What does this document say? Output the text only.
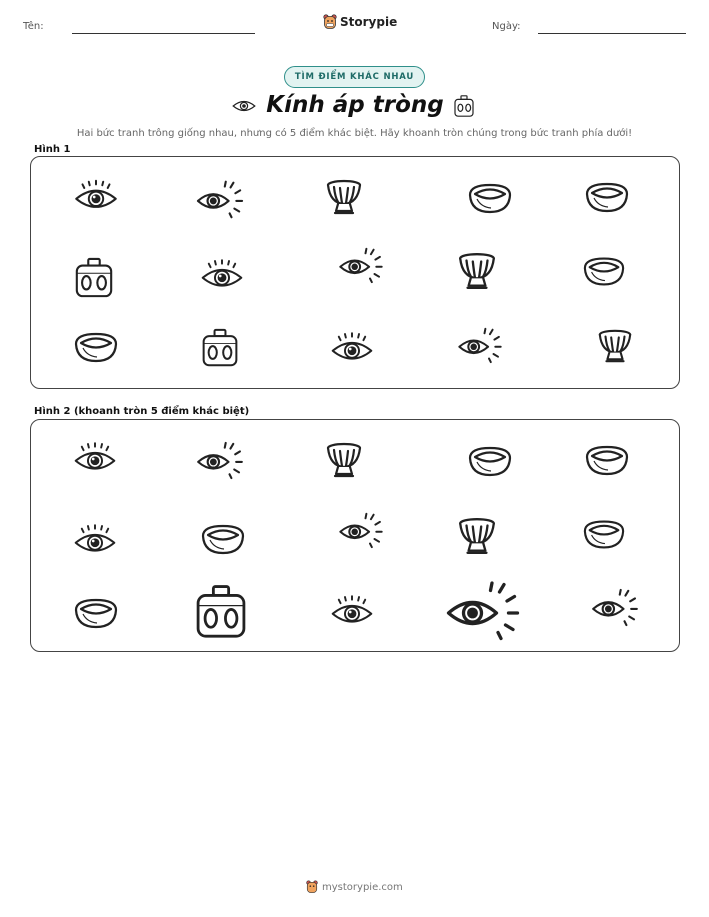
Tên:	Storypie	Ngày:
TÌM ĐIỂM KHÁC NHAU
Kính áp tròng
Hai bức tranh trông giống nhau, nhưng có 5 điểm khác biệt. Hãy khoanh tròn chúng trong bức tranh phía dưới!
Hình 1
Hình 2 (khoanh tròn 5 điểm khác biệt)
mystorypie.com
